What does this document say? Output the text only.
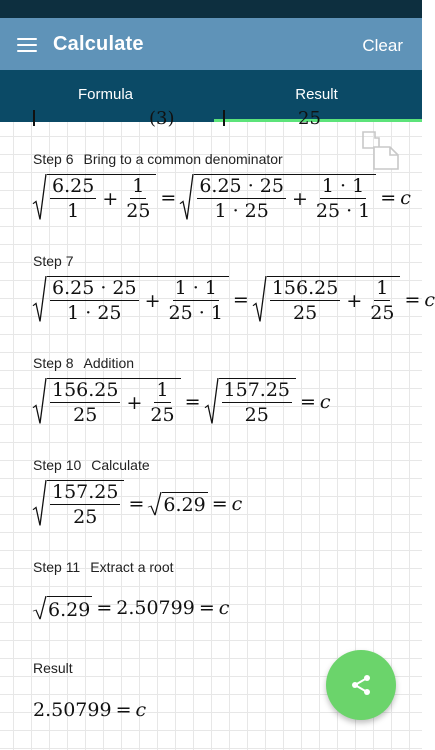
Calculate	Clear
Formula	Result
(3)	25
Step 6 Bring to a common denominator
$\frac{6.25}{1} + \frac{1}{25} = \frac{6.25 \cdot 25}{1 \cdot 25} + \frac{1 \cdot 1}{25 \cdot 1} = c$
Step 7
$\frac{6.25 \cdot 25}{1 \cdot 25} + \frac{1 \cdot 1}{25 \cdot 1} = \frac{156.25}{25} + \frac{1}{25} = c$
Step 8 Addition
$\frac{156.25}{25} + \frac{1}{25} = \frac{157.25}{25} = c$
Step 10 Calculate
$\frac{157.25}{25} = 6.29 = c$
Step 11 Extract a root
6.29 = 2.50799 = c
Result
2.50799 = c
